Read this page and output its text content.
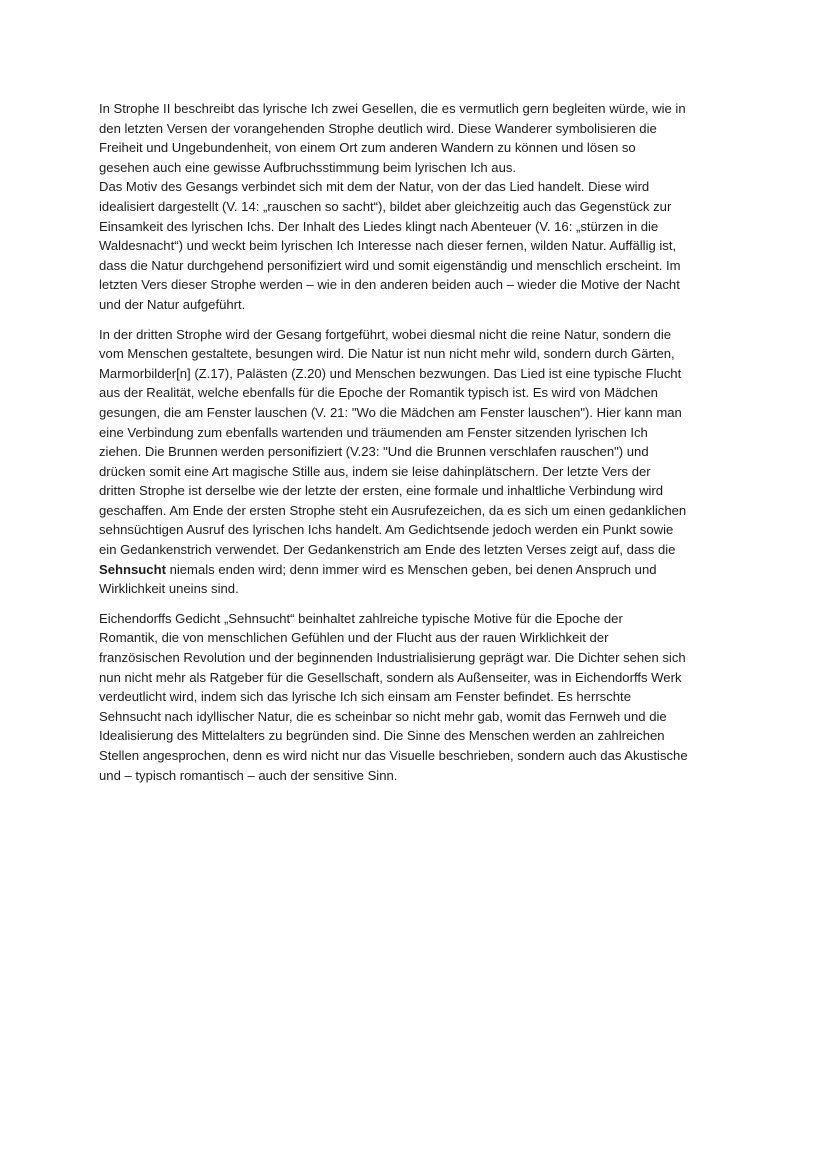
In Strophe II beschreibt das lyrische Ich zwei Gesellen, die es vermutlich gern begleiten würde, wie in
den letzten Versen der vorangehenden Strophe deutlich wird. Diese Wanderer symbolisieren die
Freiheit und Ungebundenheit, von einem Ort zum anderen Wandern zu können und lösen so
gesehen auch eine gewisse Aufbruchsstimmung beim lyrischen Ich aus.
Das Motiv des Gesangs verbindet sich mit dem der Natur, von der das Lied handelt. Diese wird
idealisiert dargestellt (V. 14: „rauschen so sacht“), bildet aber gleichzeitig auch das Gegenstück zur
Einsamkeit des lyrischen Ichs. Der Inhalt des Liedes klingt nach Abenteuer (V. 16: „stürzen in die
Waldesnacht“) und weckt beim lyrischen Ich Interesse nach dieser fernen, wilden Natur. Auffällig ist,
dass die Natur durchgehend personifiziert wird und somit eigenständig und menschlich erscheint. Im
letzten Vers dieser Strophe werden – wie in den anderen beiden auch – wieder die Motive der Nacht
und der Natur aufgeführt.

In der dritten Strophe wird der Gesang fortgeführt, wobei diesmal nicht die reine Natur, sondern die
vom Menschen gestaltete, besungen wird. Die Natur ist nun nicht mehr wild, sondern durch Gärten,
Marmorbilder[n] (Z.17), Palästen (Z.20) und Menschen bezwungen. Das Lied ist eine typische Flucht
aus der Realität, welche ebenfalls für die Epoche der Romantik typisch ist. Es wird von Mädchen
gesungen, die am Fenster lauschen (V. 21: "Wo die Mädchen am Fenster lauschen"). Hier kann man
eine Verbindung zum ebenfalls wartenden und träumenden am Fenster sitzenden lyrischen Ich
ziehen. Die Brunnen werden personifiziert (V.23: "Und die Brunnen verschlafen rauschen") und
drücken somit eine Art magische Stille aus, indem sie leise dahinplätschern. Der letzte Vers der
dritten Strophe ist derselbe wie der letzte der ersten, eine formale und inhaltliche Verbindung wird
geschaffen. Am Ende der ersten Strophe steht ein Ausrufezeichen, da es sich um einen gedanklichen
sehnsüchtigen Ausruf des lyrischen Ichs handelt. Am Gedichtsende jedoch werden ein Punkt sowie
ein Gedankenstrich verwendet. Der Gedankenstrich am Ende des letzten Verses zeigt auf, dass die
Sehnsucht niemals enden wird; denn immer wird es Menschen geben, bei denen Anspruch und
Wirklichkeit uneins sind.

Eichendorffs Gedicht „Sehnsucht“ beinhaltet zahlreiche typische Motive für die Epoche der
Romantik, die von menschlichen Gefühlen und der Flucht aus der rauen Wirklichkeit der
französischen Revolution und der beginnenden Industrialisierung geprägt war. Die Dichter sehen sich
nun nicht mehr als Ratgeber für die Gesellschaft, sondern als Außenseiter, was in Eichendorffs Werk
verdeutlicht wird, indem sich das lyrische Ich sich einsam am Fenster befindet. Es herrschte
Sehnsucht nach idyllischer Natur, die es scheinbar so nicht mehr gab, womit das Fernweh und die
Idealisierung des Mittelalters zu begründen sind. Die Sinne des Menschen werden an zahlreichen
Stellen angesprochen, denn es wird nicht nur das Visuelle beschrieben, sondern auch das Akustische
und – typisch romantisch – auch der sensitive Sinn.
